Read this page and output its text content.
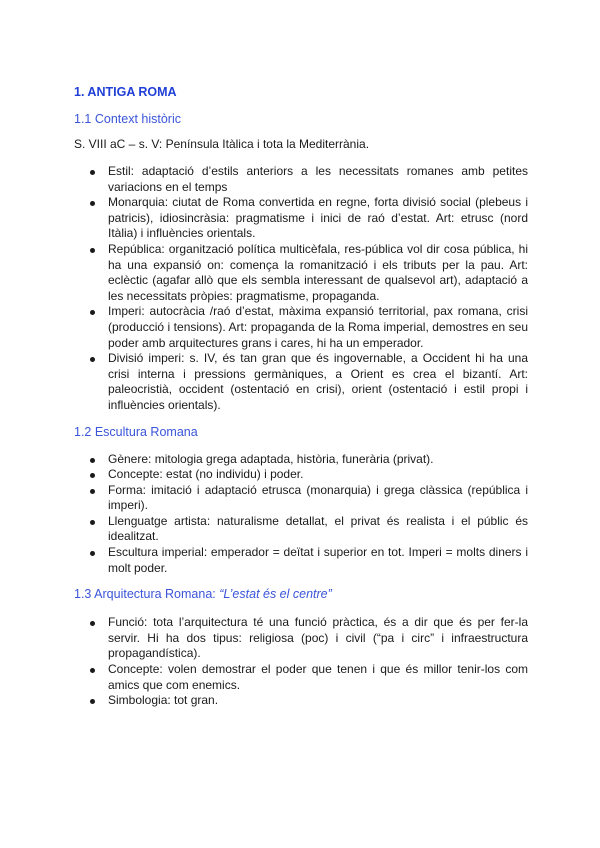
1. ANTIGA ROMA
1.1 Context històric
S. VIII aC – s. V: Península Itàlica i tota la Mediterrània.
Estil: adaptació d’estils anteriors a les necessitats romanes amb petites variacions en el temps
Monarquia: ciutat de Roma convertida en regne, forta divisió social (plebeus i patricis), idiosincràsia: pragmatisme i inici de raó d’estat. Art: etrusc (nord Itàlia) i influències orientals.
República: organització política multicèfala, res-pública vol dir cosa pública, hi ha una expansió on: comença la romanització i els tributs per la pau. Art: eclèctic (agafar allò que els sembla interessant de qualsevol art), adaptació a les necessitats pròpies: pragmatisme, propaganda.
Imperi: autocràcia /raó d’estat, màxima expansió territorial, pax romana, crisi (producció i tensions). Art: propaganda de la Roma imperial, demostres en seu poder amb arquitectures grans i cares, hi ha un emperador.
Divisió imperi: s. IV, és tan gran que és ingovernable, a Occident hi ha una crisi interna i pressions germàniques, a Orient es crea el bizantí. Art: paleocristià, occident (ostentació en crisi), orient (ostentació i estil propi i influències orientals).
1.2 Escultura Romana
Gènere: mitologia grega adaptada, història, funerària (privat).
Concepte: estat (no individu) i poder.
Forma: imitació i adaptació etrusca (monarquia) i grega clàssica (república i imperi).
Llenguatge artista: naturalisme detallat, el privat és realista i el públic és idealitzat.
Escultura imperial: emperador = deïtat i superior en tot. Imperi = molts diners i molt poder.
1.3 Arquitectura Romana: “L’estat és el centre”
Funció: tota l’arquitectura té una funció pràctica, és a dir que és per fer-la servir. Hi ha dos tipus: religiosa (poc) i civil (“pa i circ” i infraestructura propagandística).
Concepte: volen demostrar el poder que tenen i que és millor tenir-los com amics que com enemics.
Simbologia: tot gran.
